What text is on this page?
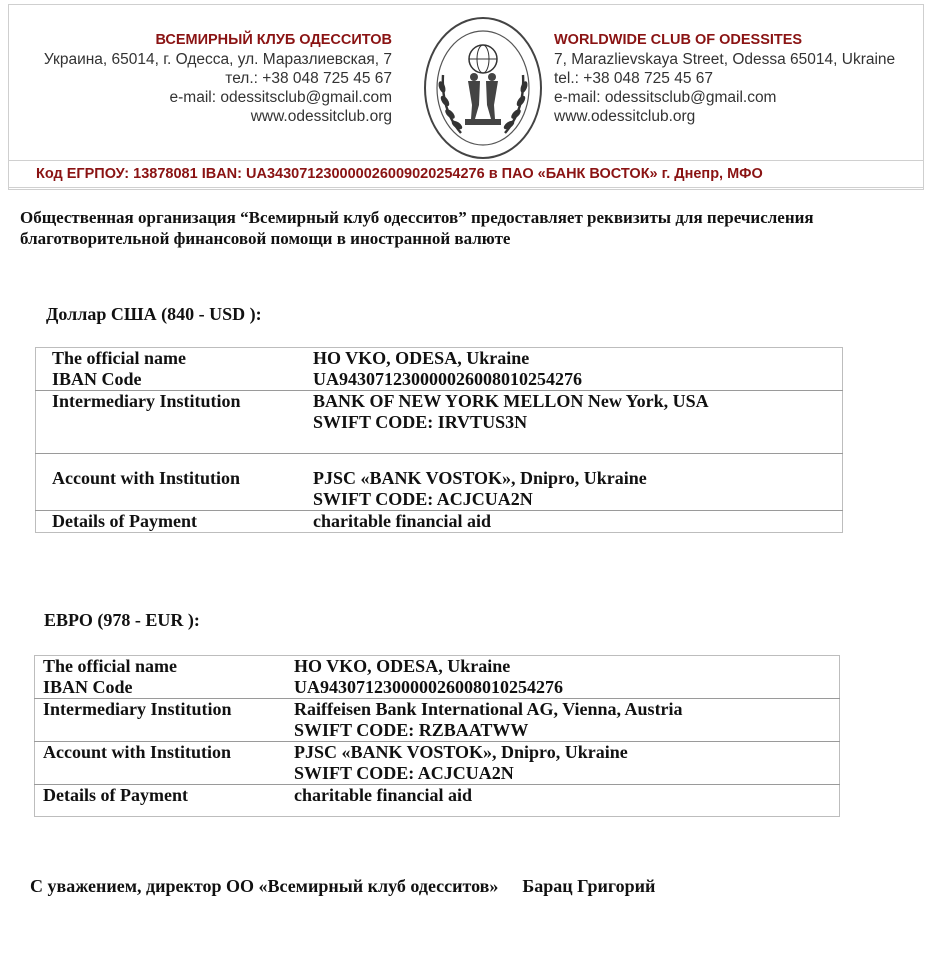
ВСЕМИРНЫЙ КЛУБ ОДЕССИТОВ
Украина, 65014, г. Одесса, ул. Маразлиевская, 7
тел.: +38 048 725 45 67
e-mail: odessitsclub@gmail.com
www.odessitclub.org
WORLDWIDE CLUB OF ODESSITES
7, Marazlievskaya Street, Odessa 65014, Ukraine
tel.: +38 048 725 45 67
e-mail: odessitsclub@gmail.com
www.odessitclub.org
Код ЕГРПОУ: 13878081 IBAN: UA343071230000026009020254276 в ПАО «БАНК ВОСТОК» г. Днепр, МФО
Общественная организация “Всемирный клуб одесситов” предоставляет реквизиты для перечисления благотворительной финансовой помощи в иностранной валюте
Доллар США (840 - USD ):
The official name	HO VKO, ODESA, Ukraine
IBAN Code	UA943071230000026008010254276
Intermediary Institution	BANK OF NEW YORK MELLON New York, USA
	SWIFT CODE: IRVTUS3N

Account with Institution	PJSC «BANK VOSTOK», Dnipro, Ukraine
	SWIFT CODE: ACJCUA2N
Details of Payment	charitable financial aid
ЕВРО (978 - EUR ):
The official name	HO VKO, ODESA, Ukraine
IBAN Code	UA943071230000026008010254276
Intermediary Institution	Raiffeisen Bank International AG, Vienna, Austria
	SWIFT CODE: RZBAATWW
Account with Institution	PJSC «BANK VOSTOK», Dnipro, Ukraine
	SWIFT CODE: ACJCUA2N
Details of Payment	charitable financial aid
С уважением, директор ОО «Всемирный клуб одесситов» Барац Григорий
